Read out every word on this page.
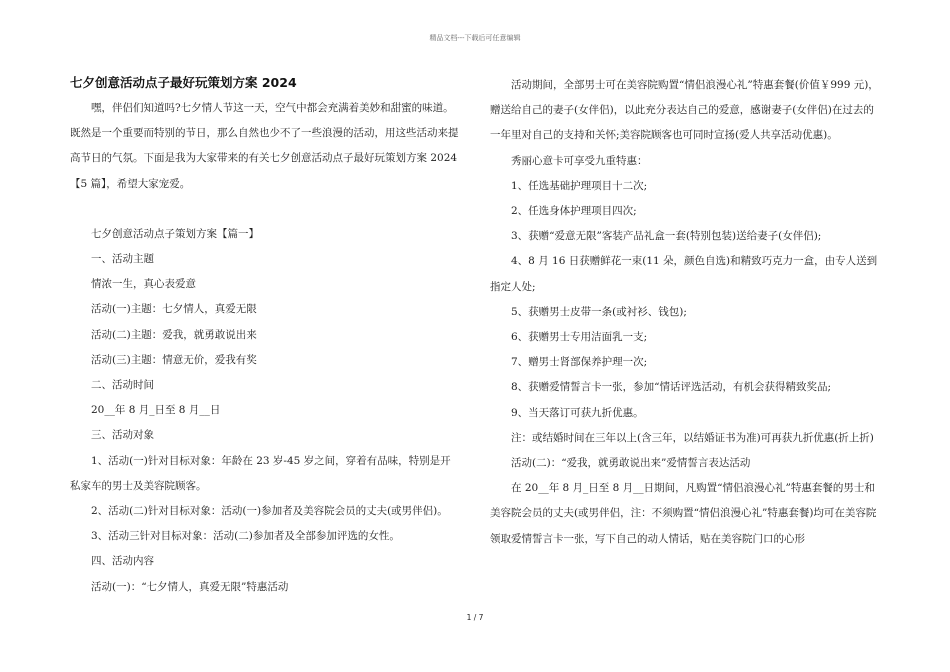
精品文档---下载后可任意编辑

七夕创意活动点子最好玩策划方案 2024

嘿，伴侣们知道吗?七夕情人节这一天，空气中都会充满着美妙和甜蜜的味道。既然是一个重要而特别的节日，那么自然也少不了一些浪漫的活动，用这些活动来提高节日的气氛。下面是我为大家带来的有关七夕创意活动点子最好玩策划方案 2024【5 篇】，希望大家宠爱。

七夕创意活动点子策划方案【篇一】

一、活动主题

情浓一生，真心表爱意

活动(一)主题：七夕情人，真爱无限

活动(二)主题：爱我，就勇敢说出来

活动(三)主题：情意无价，爱我有奖

二、活动时间

20__年 8 月_日至 8 月__日

三、活动对象

1、活动(一)针对目标对象：年龄在 23 岁-45 岁之间，穿着有品味，特别是开私家车的男士及美容院顾客。

2、活动(二)针对目标对象：活动(一)参加者及美容院会员的丈夫(或男伴侣)。

3、活动三针对目标对象：活动(二)参加者及全部参加评选的女性。

四、活动内容

活动(一)：“七夕情人，真爱无限”特惠活动

活动期间，全部男士可在美容院购置“情侣浪漫心礼”特惠套餐(价值￥999 元)，赠送给自己的妻子(女伴侣)，以此充分表达自己的爱意，感谢妻子(女伴侣)在过去的一年里对自己的支持和关怀;美容院顾客也可同时宣扬(爱人共享活动优惠)。

秀丽心意卡可享受九重特惠：

1、任选基础护理项目十二次;

2、任选身体护理项目四次;

3、获赠“爱意无限”客装产品礼盒一套(特别包装)送给妻子(女伴侣);

4、8 月 16 日获赠鲜花一束(11 朵，颜色自选)和精致巧克力一盒，由专人送到指定人处;

5、获赠男士皮带一条(或衬衫、钱包);

6、获赠男士专用洁面乳一支;

7、赠男士肾部保养护理一次;

8、获赠爱情誓言卡一张，参加“情话评选活动，有机会获得精致奖品;

9、当天落订可获九折优惠。

注：或结婚时间在三年以上(含三年，以结婚证书为准)可再获九折优惠(折上折)

活动(二)：“爱我，就勇敢说出来”爱情誓言表达活动

在 20__年 8 月_日至 8 月__日期间，凡购置“情侣浪漫心礼”特惠套餐的男士和美容院会员的丈夫(或男伴侣，注：不须购置“情侣浪漫心礼”特惠套餐)均可在美容院领取爱情誓言卡一张，写下自己的动人情话，贴在美容院门口的心形

1 / 7
